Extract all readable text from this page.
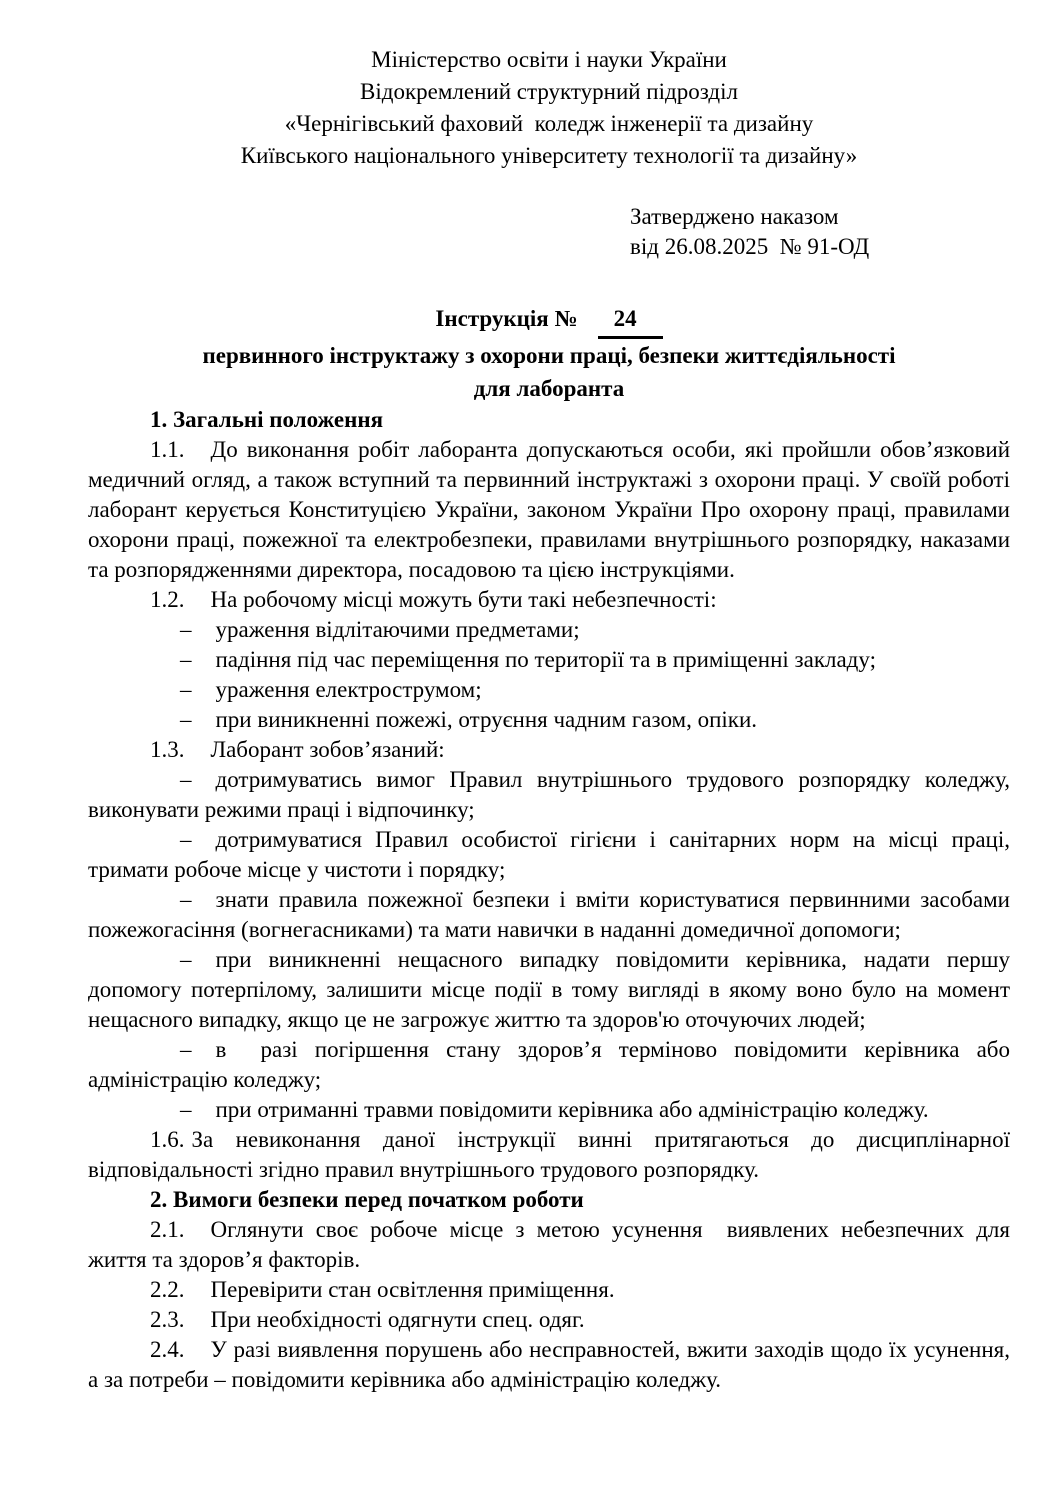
Міністерство освіти і науки України
Відокремлений структурний підрозділ
«Чернігівський фаховий  коледж інженерії та дизайну
Київського національного університету технології та дизайну»
Затверджено наказом
від 26.08.2025  № 91-ОД
Інструкція № 24
первинного інструктажу з охорони праці, безпеки життєдіяльності
для лаборанта

1. Загальні положення

1.1. До виконання робіт лаборанта допускаються особи, які пройшли обов’язковий медичний огляд, а також вступний та первинний інструктажі з охорони праці. У своїй роботі лаборант керується Конституцією України, законом України Про охорону праці, правилами охорони праці, пожежної та електробезпеки, правилами внутрішнього розпорядку, наказами та розпорядженнями директора, посадовою та цією інструкціями.

1.2. На робочому місці можуть бути такі небезпечності:

– ураження відлітаючими предметами;

– падіння під час переміщення по території та в приміщенні закладу;

– ураження електрострумом;

– при виникненні пожежі, отруєння чадним газом, опіки.

1.3. Лаборант зобов’язаний:

– дотримуватись вимог Правил внутрішнього трудового розпорядку коледжу, виконувати режими праці і відпочинку;

– дотримуватися Правил особистої гігієни і санітарних норм на місці праці, тримати робоче місце у чистоти і порядку;

– знати правила пожежної безпеки і вміти користуватися первинними засобами пожежогасіння (вогнегасниками) та мати навички в наданні домедичної допомоги;

– при виникненні нещасного випадку повідомити керівника, надати першу допомогу потерпілому, залишити місце події в тому вигляді в якому воно було на момент нещасного випадку, якщо це не загрожує життю та здоров'ю оточуючих людей;

– в  разі погіршення стану здоров’я терміново повідомити керівника або адміністрацію коледжу;

– при отриманні травми повідомити керівника або адміністрацію коледжу.

1.6. За невиконання даної інструкції винні притягаються до дисциплінарної відповідальності згідно правил внутрішнього трудового розпорядку.

2. Вимоги безпеки перед початком роботи

2.1. Оглянути своє робоче місце з метою усунення  виявлених небезпечних для життя та здоров’я факторів.

2.2. Перевірити стан освітлення приміщення.

2.3. При необхідності одягнути спец. одяг.

2.4. У разі виявлення порушень або несправностей, вжити заходів щодо їх усунення, а за потреби – повідомити керівника або адміністрацію коледжу.
